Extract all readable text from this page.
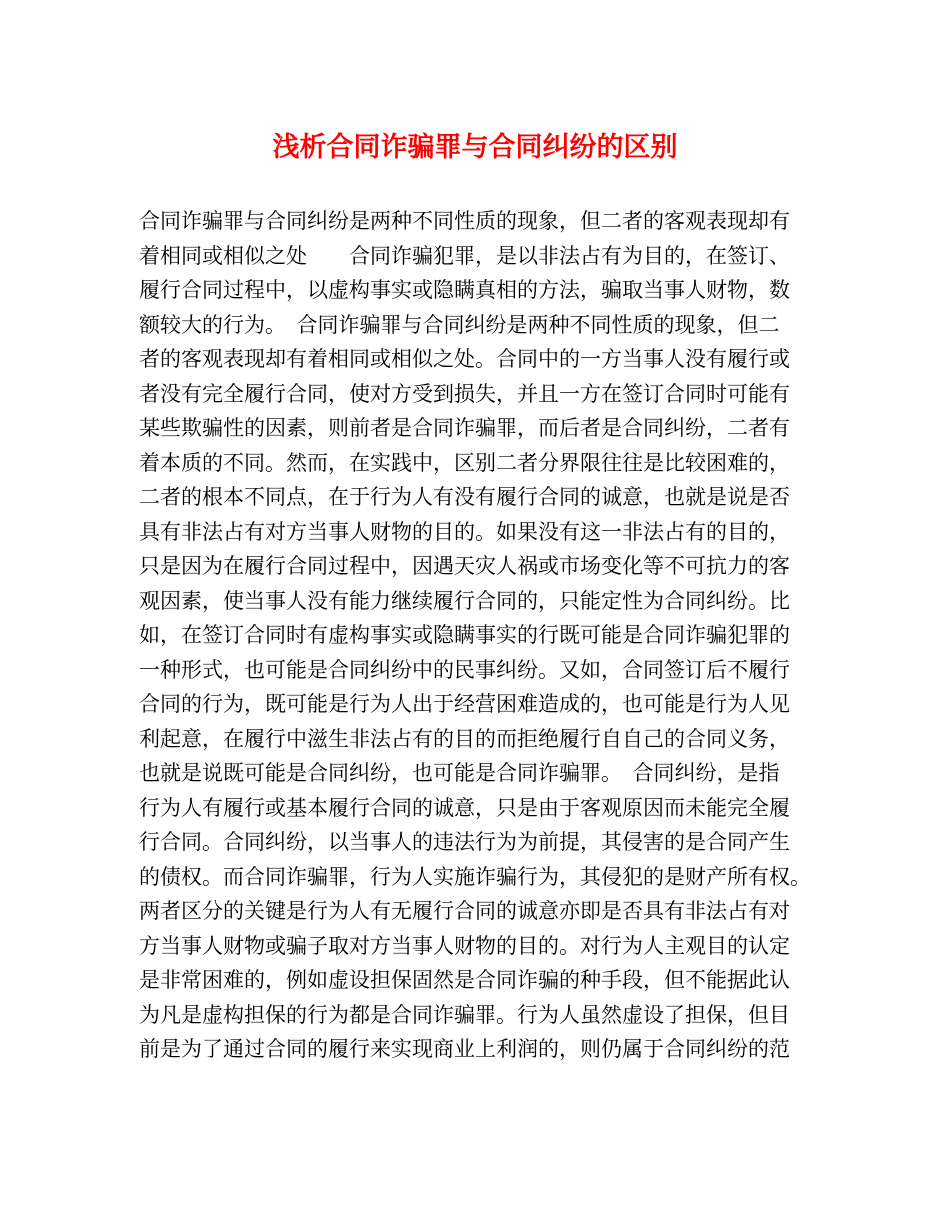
浅析合同诈骗罪与合同纠纷的区别
合同诈骗罪与合同纠纷是两种不同性质的现象，但二者的客观表现却有
着相同或相似之处　　合同诈骗犯罪，是以非法占有为目的，在签订、
履行合同过程中，以虚构事实或隐瞒真相的方法，骗取当事人财物，数
额较大的行为。　合同诈骗罪与合同纠纷是两种不同性质的现象，但二
者的客观表现却有着相同或相似之处。合同中的一方当事人没有履行或
者没有完全履行合同，使对方受到损失，并且一方在签订合同时可能有
某些欺骗性的因素，则前者是合同诈骗罪，而后者是合同纠纷，二者有
着本质的不同。然而，在实践中，区别二者分界限往往是比较困难的，
二者的根本不同点，在于行为人有没有履行合同的诚意，也就是说是否
具有非法占有对方当事人财物的目的。如果没有这一非法占有的目的，
只是因为在履行合同过程中，因遇天灾人祸或市场变化等不可抗力的客
观因素，使当事人没有能力继续履行合同的，只能定性为合同纠纷。比
如，在签订合同时有虚构事实或隐瞒事实的行既可能是合同诈骗犯罪的
一种形式，也可能是合同纠纷中的民事纠纷。又如，合同签订后不履行
合同的行为，既可能是行为人出于经营困难造成的，也可能是行为人见
利起意，在履行中滋生非法占有的目的而拒绝履行自自己的合同义务，
也就是说既可能是合同纠纷，也可能是合同诈骗罪。　合同纠纷，是指
行为人有履行或基本履行合同的诚意，只是由于客观原因而未能完全履
行合同。合同纠纷，以当事人的违法行为为前提，其侵害的是合同产生
的债权。而合同诈骗罪，行为人实施诈骗行为，其侵犯的是财产所有权。
两者区分的关键是行为人有无履行合同的诚意亦即是否具有非法占有对
方当事人财物或骗子取对方当事人财物的目的。对行为人主观目的认定
是非常困难的，例如虚设担保固然是合同诈骗的种手段，但不能据此认
为凡是虚构担保的行为都是合同诈骗罪。行为人虽然虚设了担保，但目
前是为了通过合同的履行来实现商业上利润的，则仍属于合同纠纷的范
